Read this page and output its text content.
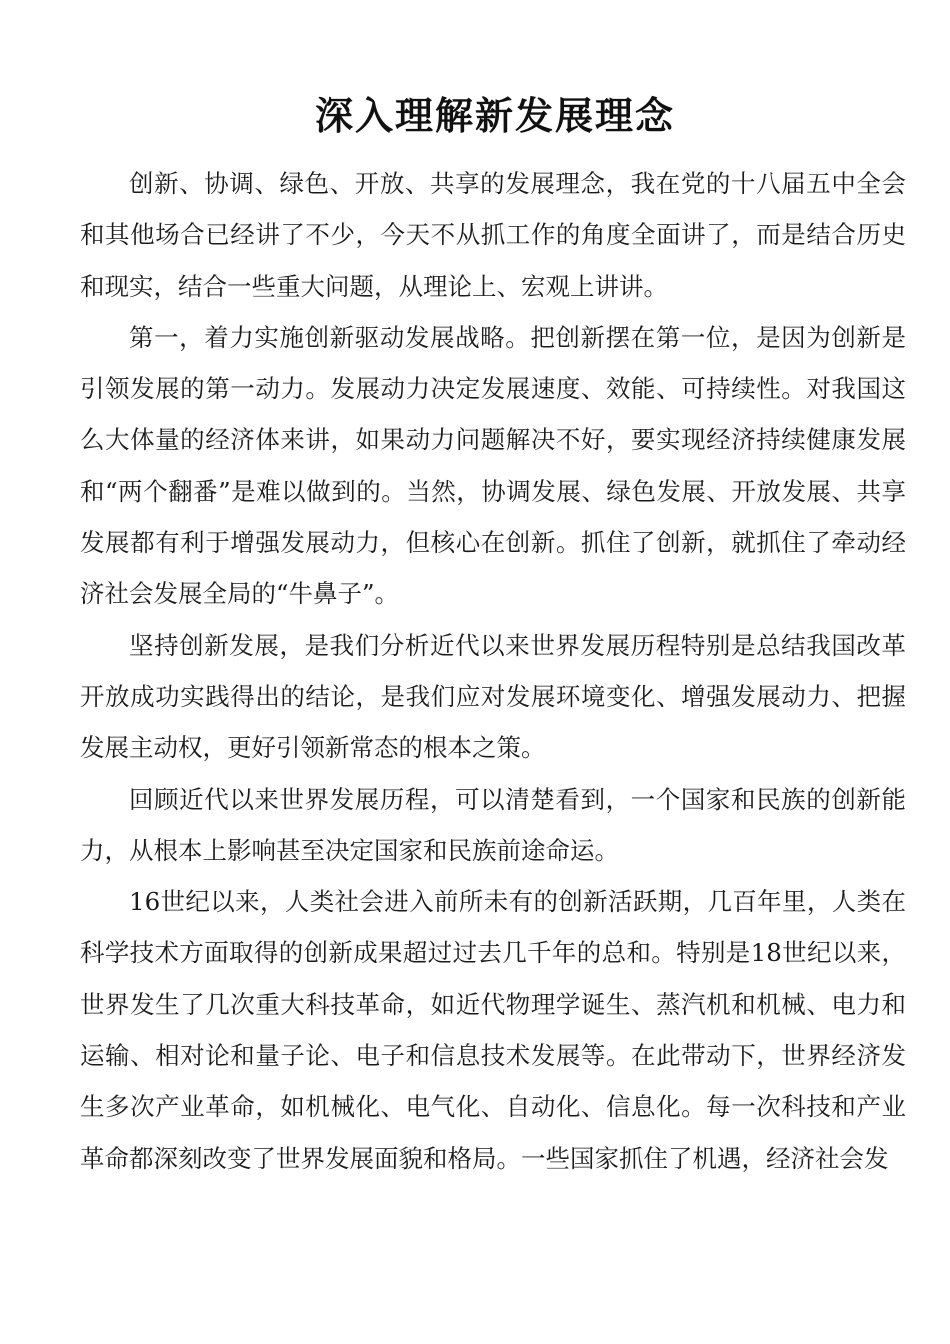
深入理解新发展理念

创新、协调、绿色、开放、共享的发展理念，我在党的十八届五中全会和其他场合已经讲了不少，今天不从抓工作的角度全面讲了，而是结合历史和现实，结合一些重大问题，从理论上、宏观上讲讲。

第一，着力实施创新驱动发展战略。把创新摆在第一位，是因为创新是引领发展的第一动力。发展动力决定发展速度、效能、可持续性。对我国这么大体量的经济体来讲，如果动力问题解决不好，要实现经济持续健康发展和“两个翻番”是难以做到的。当然，协调发展、绿色发展、开放发展、共享发展都有利于增强发展动力，但核心在创新。抓住了创新，就抓住了牵动经济社会发展全局的“牛鼻子”。

坚持创新发展，是我们分析近代以来世界发展历程特别是总结我国改革开放成功实践得出的结论，是我们应对发展环境变化、增强发展动力、把握发展主动权，更好引领新常态的根本之策。

回顾近代以来世界发展历程，可以清楚看到，一个国家和民族的创新能力，从根本上影响甚至决定国家和民族前途命运。

16世纪以来，人类社会进入前所未有的创新活跃期，几百年里，人类在科学技术方面取得的创新成果超过过去几千年的总和。特别是18世纪以来，世界发生了几次重大科技革命，如近代物理学诞生、蒸汽机和机械、电力和运输、相对论和量子论、电子和信息技术发展等。在此带动下，世界经济发生多次产业革命，如机械化、电气化、自动化、信息化。每一次科技和产业革命都深刻改变了世界发展面貌和格局。一些国家抓住了机遇，经济社会发
